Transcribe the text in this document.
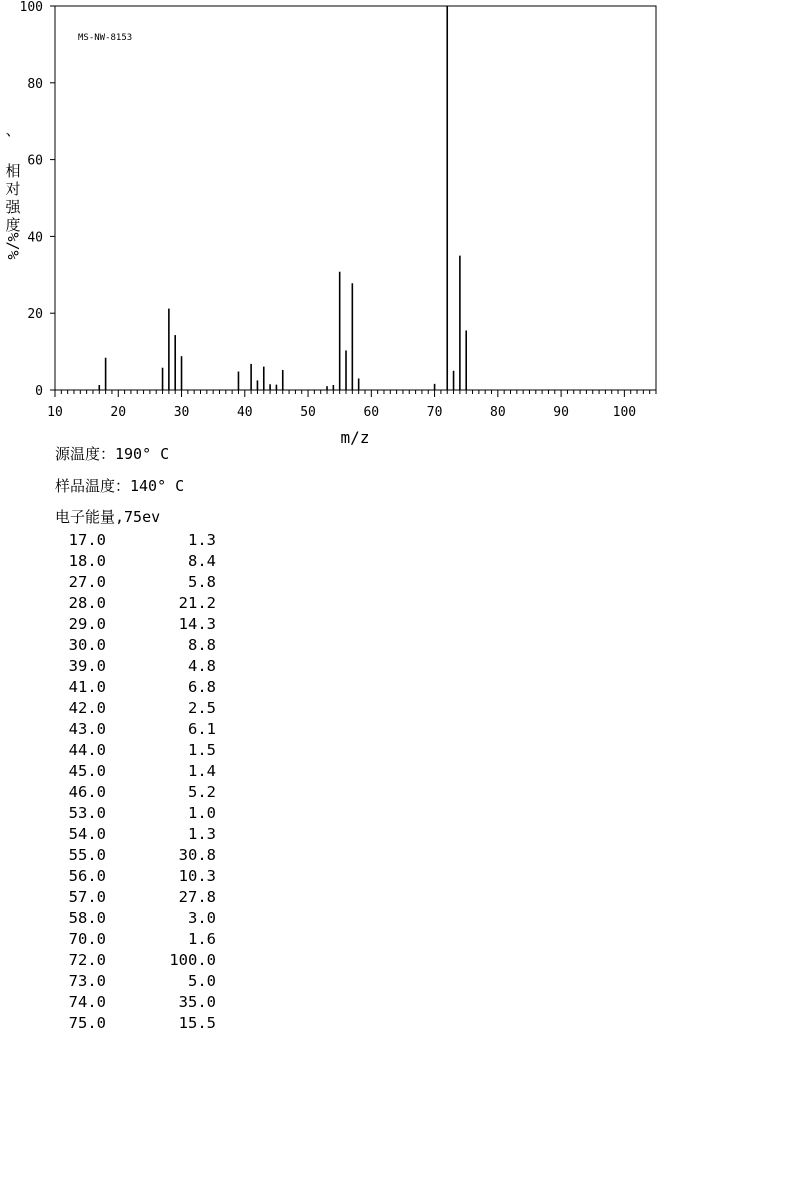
MS-NW-8153
0
20
40
60
80
100
10	20	30	40	50	60	70	80	90	100
m/z
、
相
对
强
度
%/%
源温度：190° C
样品温度：140° C
电子能量,75ev
17.0	1.3
18.0	8.4
27.0	5.8
28.0	21.2
29.0	14.3
30.0	8.8
39.0	4.8
41.0	6.8
42.0	2.5
43.0	6.1
44.0	1.5
45.0	1.4
46.0	5.2
53.0	1.0
54.0	1.3
55.0	30.8
56.0	10.3
57.0	27.8
58.0	3.0
70.0	1.6
72.0	100.0
73.0	5.0
74.0	35.0
75.0	15.5
